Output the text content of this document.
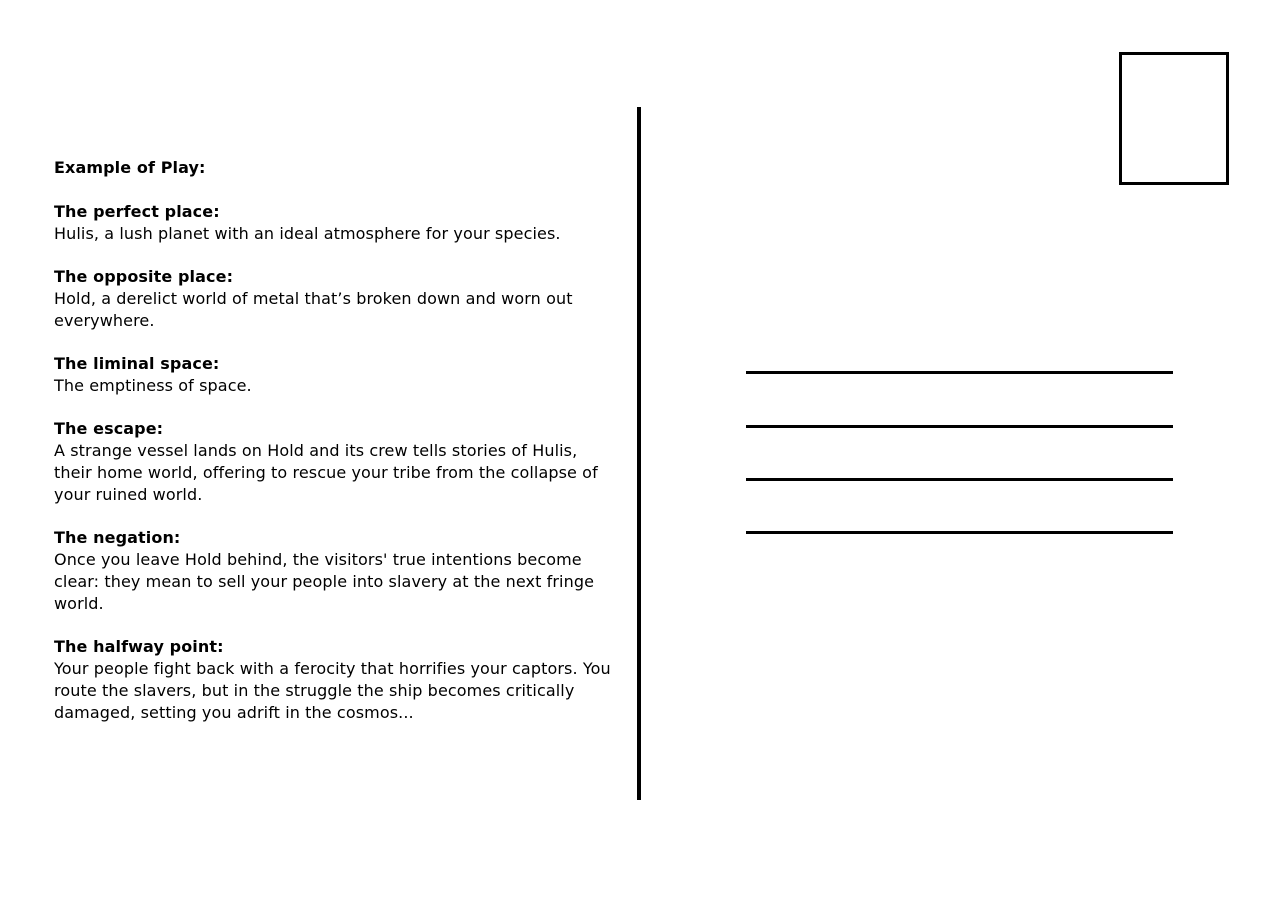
Example of Play:

The perfect place:

Hulis, a lush planet with an ideal atmosphere for your species.

The opposite place:

Hold, a derelict world of metal that’s broken down and worn out everywhere.

The liminal space:

The emptiness of space.

The escape:

A strange vessel lands on Hold and its crew tells stories of Hulis, their home world, offering to rescue your tribe from the collapse of your ruined world.

The negation:

Once you leave Hold behind, the visitors' true intentions become clear: they mean to sell your people into slavery at the next fringe world.

The halfway point:

Your people fight back with a ferocity that horrifies your captors. You route the slavers, but in the struggle the ship becomes critically damaged, setting you adrift in the cosmos...
